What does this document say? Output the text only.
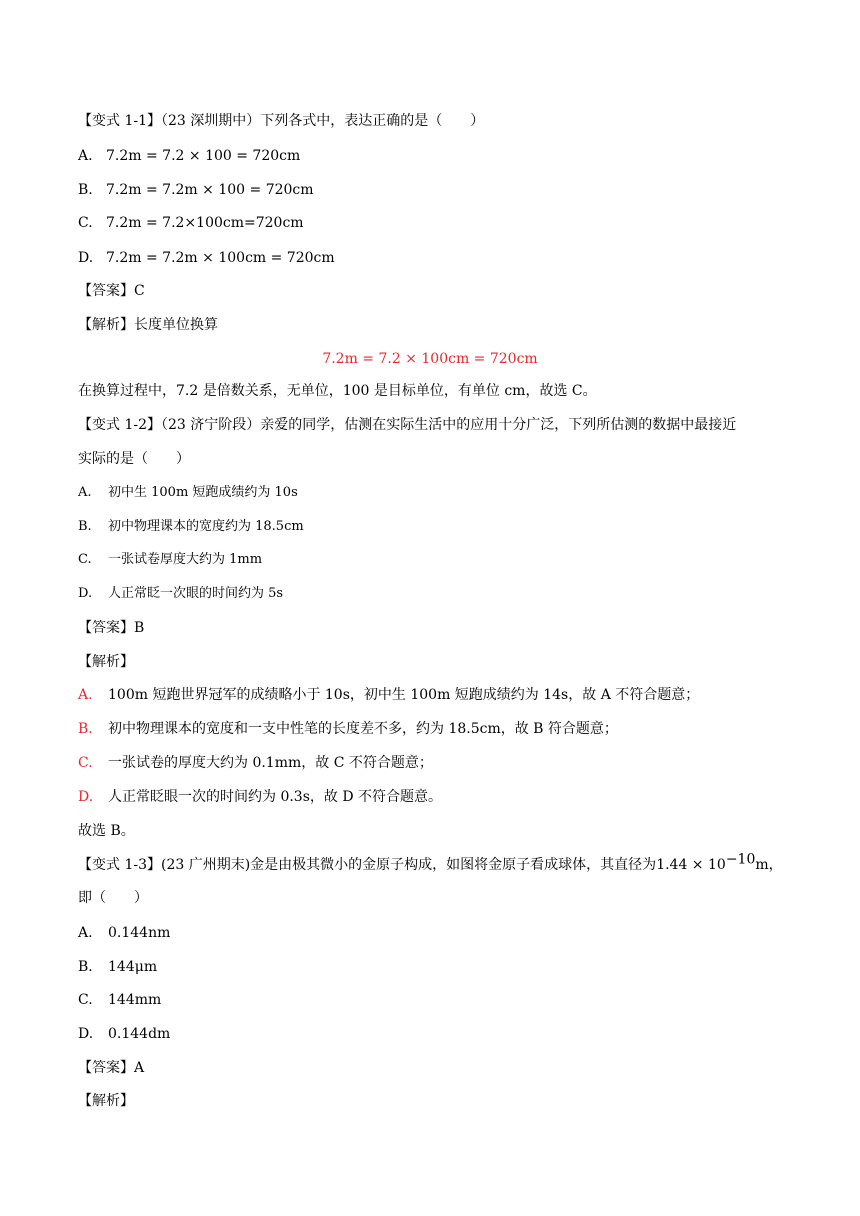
【变式 1-1】（23 深圳期中）下列各式中，表达正确的是（　　）
A. 7.2m = 7.2 × 100 = 720cm
B. 7.2m = 7.2m × 100 = 720cm
C. 7.2m = 7.2×100cm=720cm
D. 7.2m = 7.2m × 100cm = 720cm
【答案】C
【解析】长度单位换算
7.2m = 7.2 × 100cm = 720cm
在换算过程中，7.2 是倍数关系，无单位，100 是目标单位，有单位 cm，故选 C。
【变式 1-2】（23 济宁阶段）亲爱的同学，估测在实际生活中的应用十分广泛，下列所估测的数据中最接近
实际的是（　　）
A. 初中生 100m 短跑成绩约为 10s
B. 初中物理课本的宽度约为 18.5cm
C. 一张试卷厚度大约为 1mm
D. 人正常眨一次眼的时间约为 5s
【答案】B
【解析】
A. 100m 短跑世界冠军的成绩略小于 10s，初中生 100m 短跑成绩约为 14s，故 A 不符合题意；
B. 初中物理课本的宽度和一支中性笔的长度差不多，约为 18.5cm，故 B 符合题意；
C. 一张试卷的厚度大约为 0.1mm，故 C 不符合题意；
D. 人正常眨眼一次的时间约为 0.3s，故 D 不符合题意。
故选 B。
【变式 1-3】(23 广州期末)金是由极其微小的金原子构成，如图将金原子看成球体，其直径为$1.44 \times 10^{-10}m$，
即（　　）
A. 0.144nm
B. 144μm
C. 144mm
D. 0.144dm
【答案】A
【解析】
